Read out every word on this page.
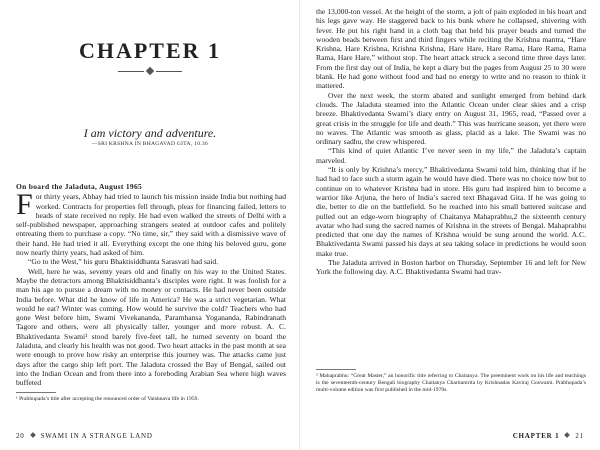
CHAPTER 1
I am victory and adventure.
—SRI KRSHNA IN BHAGAVAD GITA, 10.36
On board the Jaladuta, August 1965

For thirty years, Abhay had tried to launch his mission inside India but nothing had worked. Contracts for properties fell through, pleas for financing failed, letters to heads of state received no reply. He had even walked the streets of Delhi with a self-published newspaper, approaching strangers seated at outdoor cafes and politely entreating them to purchase a copy. “No time, sir,” they said with a dismissive wave of their hand. He had tried it all. Everything except the one thing his beloved guru, gone now nearly thirty years, had asked of him.

“Go to the West,” his guru Bhaktisiddhanta Sarasvati had said.

Well, here he was, seventy years old and finally on his way to the United States. Maybe the detractors among Bhaktisiddhanta’s disciples were right. It was foolish for a man his age to pursue a dream with no money or contacts. He had never been outside India before. What did he know of life in America? He was a strict vegetarian. What would he eat? Winter was coming. How would he survive the cold? Teachers who had gone West before him, Swami Vivekananda, Paramhansa Yogananda, Rabindranath Tagore and others, were all physically taller, younger and more robust. A. C. Bhaktivedanta Swami¹ stood barely five-feet tall, he turned seventy on board the Jaladuta, and clearly his health was not good. Two heart attacks in the past month at sea were enough to prove how risky an enterprise this journey was. The attacks came just days after the cargo ship left port. The Jaladuta crossed the Bay of Bengal, sailed out into the Indian Ocean and from there into a foreboding Arabian Sea where high waves buffeted

¹ Prabhupada’s title after accepting the renounced order of Vaishnava life in 1959.
20 SWAMI IN A STRANGE LAND

the 13,000-ton vessel. At the height of the storm, a jolt of pain exploded in his heart and his legs gave way. He staggered back to his bunk where he collapsed, shivering with fever. He put his right hand in a cloth bag that held his prayer beads and turned the wooden beads between first and third fingers while reciting the Krishna mantra, “Hare Krishna, Hare Krishna, Krishna Krishna, Hare Hare, Hare Rama, Hare Rama, Rama Rama, Hare Hare,” without stop. The heart attack struck a second time three days later. From the first day out of India, he kept a diary but the pages from August 25 to 30 were blank. He had gone without food and had no energy to write and no reason to think it mattered.

Over the next week, the storm abated and sunlight emerged from behind dark clouds. The Jaladuta steamed into the Atlantic Ocean under clear skies and a crisp breeze. Bhaktivedanta Swami’s diary entry on August 31, 1965, read, “Passed over a great crisis in the struggle for life and death.” This was hurricane season, yet there were no waves. The Atlantic was smooth as glass, placid as a lake. The Swami was no ordinary sadhu, the crew whispered.

“This kind of quiet Atlantic I’ve never seen in my life,” the Jaladuta’s captain marveled.

“It is only by Krishna’s mercy,” Bhaktivedanta Swami told him, thinking that if he had had to face such a storm again he would have died. There was no choice now but to continue on to whatever Krishna had in store. His guru had inspired him to become a warrior like Arjuna, the hero of India’s sacred text Bhagavad Gita. If he was going to die, better to die on the battlefield. So he reached into his small battered suitcase and pulled out an edge-worn biography of Chaitanya Mahaprabhu,2 the sixteenth century avatar who had sung the sacred names of Krishna in the streets of Bengal. Mahaprabhu predicted that one day the names of Krishna would be sung around the world. A.C. Bhaktivedanta Swami passed his days at sea taking solace in predictions he would soon make true.

The Jaladuta arrived in Boston harbor on Thursday, September 16 and left for New York the following day. A.C. Bhaktivedanta Swami had trav-

² Mahaprabhu: “Great Master,” an honorific title referring to Chaitanya. The preeminent work on his life and teachings is the seventeenth-century Bengali biography Chaitanya Charitamrita by Krishnadas Kaviraj Goswami. Prabhupada’s multi-volume edition was first published in the mid-1970s.
CHAPTER 1 21
